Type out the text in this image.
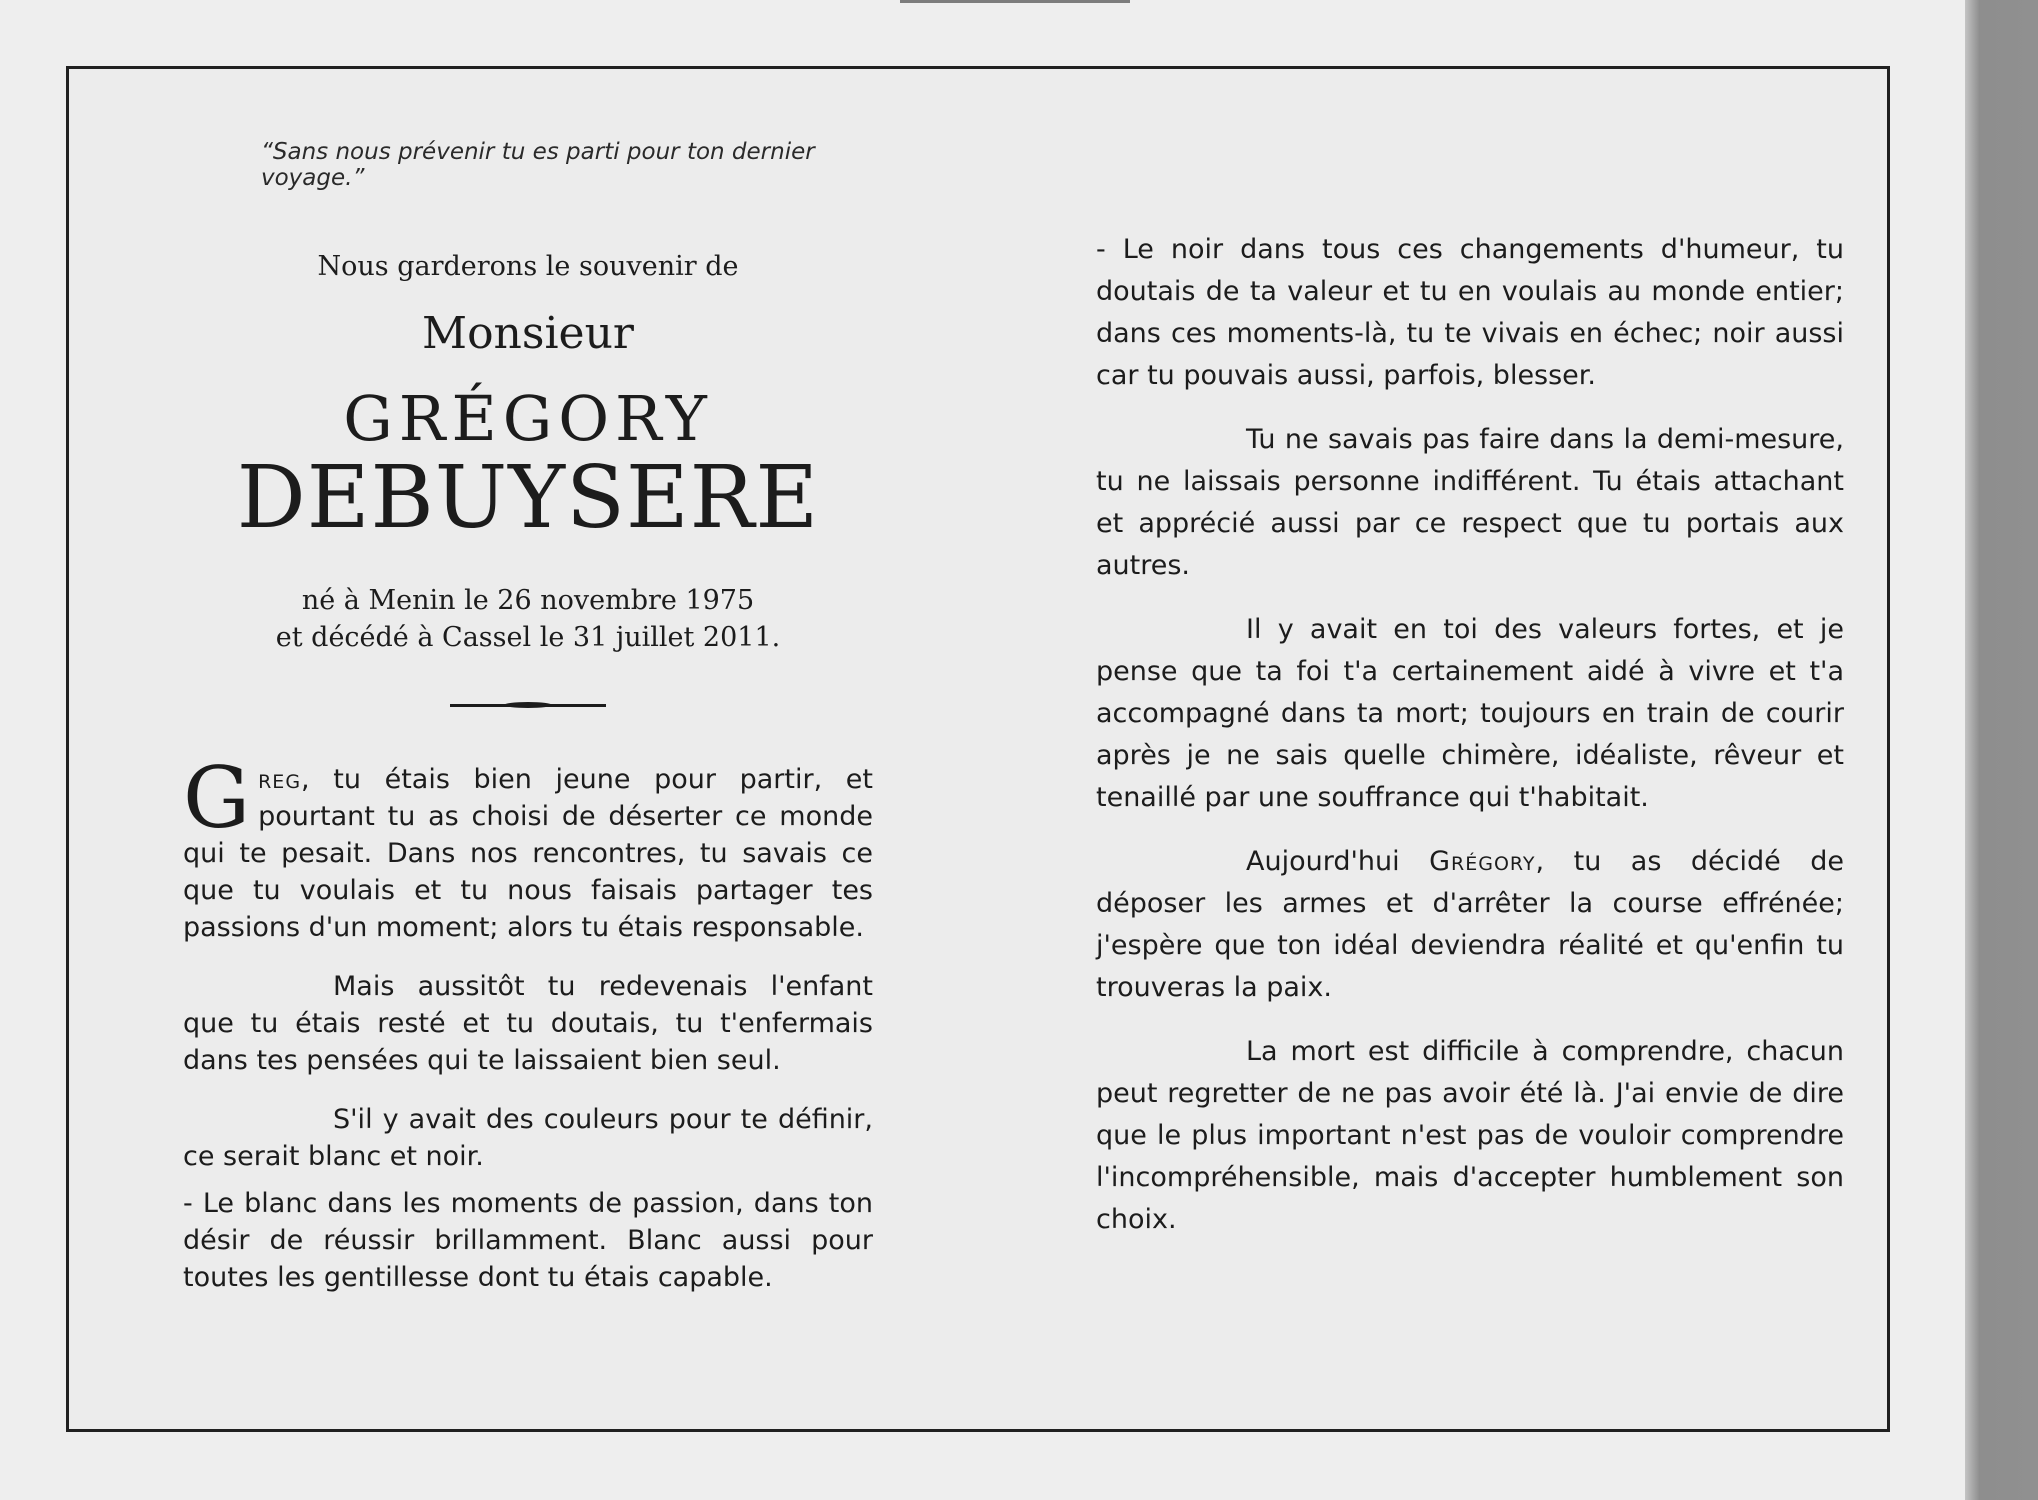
“Sans nous prévenir tu es parti pour ton dernier voyage.”

Nous garderons le souvenir de

Monsieur

GRÉGORY

DEBUYSERE

né à Menin le 26 novembre 1975
et décédé à Cassel le 31 juillet 2011.

Greg, tu étais bien jeune pour partir, et pourtant tu as choisi de déserter ce monde qui te pesait. Dans nos rencontres, tu savais ce que tu voulais et tu nous faisais partager tes passions d'un moment; alors tu étais responsable.

Mais aussitôt tu redevenais l'enfant que tu étais resté et tu doutais, tu t'enfermais dans tes pensées qui te laissaient bien seul.

S'il y avait des couleurs pour te définir, ce serait blanc et noir.

- Le blanc dans les moments de passion, dans ton désir de réussir brillamment. Blanc aussi pour toutes les gentillesse dont tu étais capable.

- Le noir dans tous ces changements d'humeur, tu doutais de ta valeur et tu en voulais au monde entier; dans ces moments-là, tu te vivais en échec; noir aussi car tu pouvais aussi, parfois, blesser.

Tu ne savais pas faire dans la demi-mesure, tu ne laissais personne indifférent. Tu étais attachant et apprécié aussi par ce respect que tu portais aux autres.

Il y avait en toi des valeurs fortes, et je pense que ta foi t'a certainement aidé à vivre et t'a accompagné dans ta mort; toujours en train de courir après je ne sais quelle chimère, idéaliste, rêveur et tenaillé par une souffrance qui t'habitait.

Aujourd'hui Grégory, tu as décidé de déposer les armes et d'arrêter la course effrénée; j'espère que ton idéal deviendra réalité et qu'enfin tu trouveras la paix.

La mort est difficile à comprendre, chacun peut regretter de ne pas avoir été là. J'ai envie de dire que le plus important n'est pas de vouloir comprendre l'incompréhensible, mais d'accepter humblement son choix.
